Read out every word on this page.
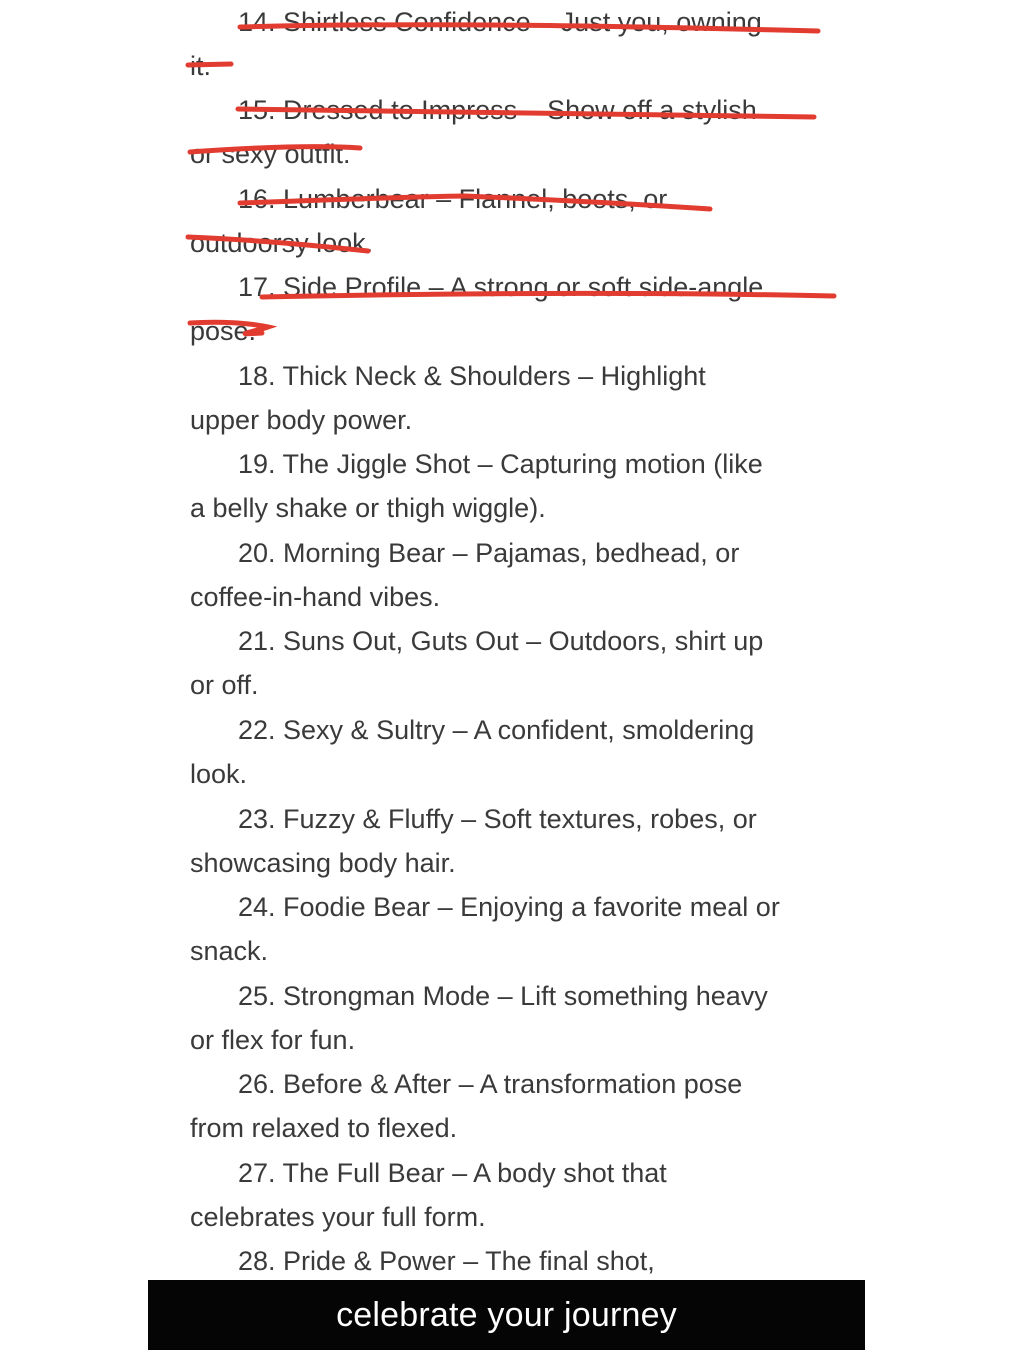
14. Shirtless Confidence – Just you, owning
it.
15. Dressed to Impress – Show off a stylish
or sexy outfit.
16. Lumberbear – Flannel, boots, or
outdoorsy look.
17. Side Profile – A strong or soft side-angle
pose.
18. Thick Neck & Shoulders – Highlight
upper body power.
19. The Jiggle Shot – Capturing motion (like
a belly shake or thigh wiggle).
20. Morning Bear – Pajamas, bedhead, or
coffee-in-hand vibes.
21. Suns Out, Guts Out – Outdoors, shirt up
or off.
22. Sexy & Sultry – A confident, smoldering
look.
23. Fuzzy & Fluffy – Soft textures, robes, or
showcasing body hair.
24. Foodie Bear – Enjoying a favorite meal or
snack.
25. Strongman Mode – Lift something heavy
or flex for fun.
26. Before & After – A transformation pose
from relaxed to flexed.
27. The Full Bear – A body shot that
celebrates your full form.
28. Pride & Power – The final shot,
celebrate your journey
